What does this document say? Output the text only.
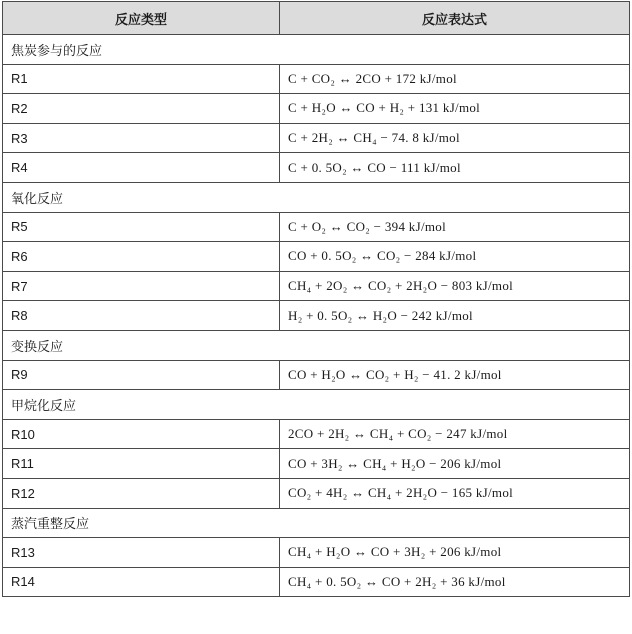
反应类型	反应表达式
焦炭参与的反应	
R1	C + CO₂ ↔ 2CO + 172 kJ/mol
R2	C + H₂O ↔ CO + H₂ + 131 kJ/mol
R3	C + 2H₂ ↔ CH₄ − 74. 8 kJ/mol
R4	C + 0. 5O₂ ↔ CO − 111 kJ/mol
氧化反应	
R5	C + O₂ ↔ CO₂ − 394 kJ/mol
R6	CO + 0. 5O₂ ↔ CO₂ − 284 kJ/mol
R7	CH₄ + 2O₂ ↔ CO₂ + 2H₂O − 803 kJ/mol
R8	H₂ + 0. 5O₂ ↔ H₂O − 242 kJ/mol
变换反应	
R9	CO + H₂O ↔ CO₂ + H₂ − 41. 2 kJ/mol
甲烷化反应	
R10	2CO + 2H₂ ↔ CH₄ + CO₂ − 247 kJ/mol
R11	CO + 3H₂ ↔ CH₄ + H₂O − 206 kJ/mol
R12	CO₂ + 4H₂ ↔ CH₄ + 2H₂O − 165 kJ/mol
蒸汽重整反应	
R13	CH₄ + H₂O ↔ CO + 3H₂ + 206 kJ/mol
R14	CH₄ + 0. 5O₂ ↔ CO + 2H₂ + 36 kJ/mol
